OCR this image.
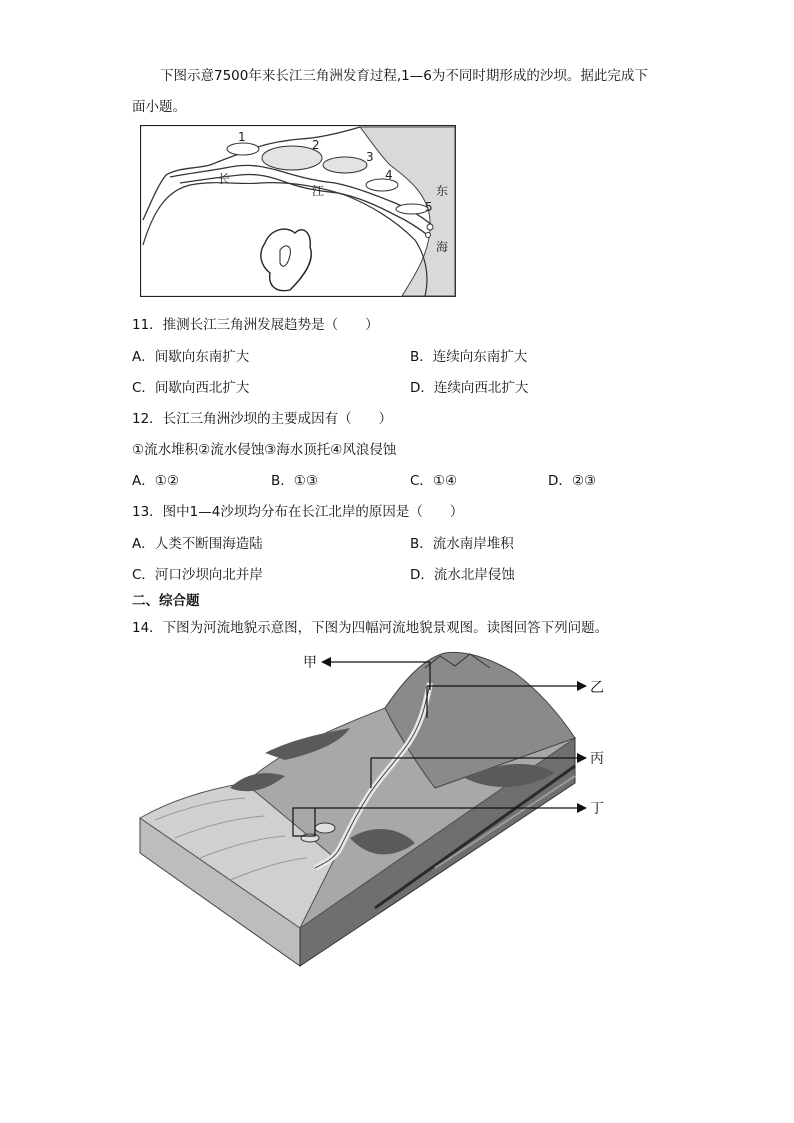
下图示意7500年来长江三角洲发育过程,1—6为不同时期形成的沙坝。据此完成下
面小题。
1
2
3
4
5
长
江	东
海
11．推测长江三角洲发展趋势是（　　）
A．间歇向东南扩大	B．连续向东南扩大
C．间歇向西北扩大	D．连续向西北扩大
12．长江三角洲沙坝的主要成因有（　　）
①流水堆积②流水侵蚀③海水顶托④风浪侵蚀
A．①②	B．①③	C．①④	D．②③
13．图中1—4沙坝均分布在长江北岸的原因是（　　）
A．人类不断围海造陆	B．流水南岸堆积
C．河口沙坝向北并岸	D．流水北岸侵蚀
二、综合题
14．下图为河流地貌示意图，下图为四幅河流地貌景观图。读图回答下列问题。
甲
乙
丙
丁
